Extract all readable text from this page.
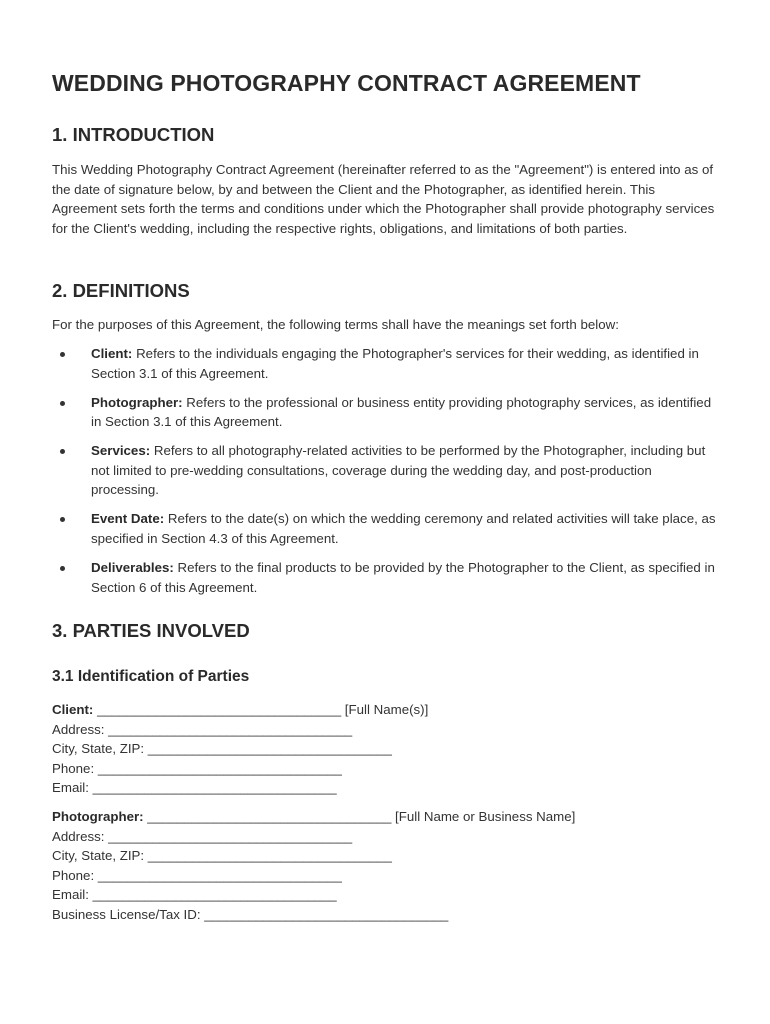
WEDDING PHOTOGRAPHY CONTRACT AGREEMENT
1. INTRODUCTION

This Wedding Photography Contract Agreement (hereinafter referred to as the "Agreement") is entered into as of the date of signature below, by and between the Client and the Photographer, as identified herein. This Agreement sets forth the terms and conditions under which the Photographer shall provide photography services for the Client's wedding, including the respective rights, obligations, and limitations of both parties.

2. DEFINITIONS

For the purposes of this Agreement, the following terms shall have the meanings set forth below:

Client: Refers to the individuals engaging the Photographer's services for their wedding, as identified in Section 3.1 of this Agreement.
Photographer: Refers to the professional or business entity providing photography services, as identified in Section 3.1 of this Agreement.
Services: Refers to all photography-related activities to be performed by the Photographer, including but not limited to pre-wedding consultations, coverage during the wedding day, and post-production processing.
Event Date: Refers to the date(s) on which the wedding ceremony and related activities will take place, as specified in Section 4.3 of this Agreement.
Deliverables: Refers to the final products to be provided by the Photographer to the Client, as specified in Section 6 of this Agreement.
3. PARTIES INVOLVED
3.1 Identification of Parties
Client: _________________________________ [Full Name(s)]
Address: _________________________________
City, State, ZIP: _________________________________
Phone: _________________________________
Email: _________________________________
Photographer: _________________________________ [Full Name or Business Name]
Address: _________________________________
City, State, ZIP: _________________________________
Phone: _________________________________
Email: _________________________________
Business License/Tax ID: _________________________________
